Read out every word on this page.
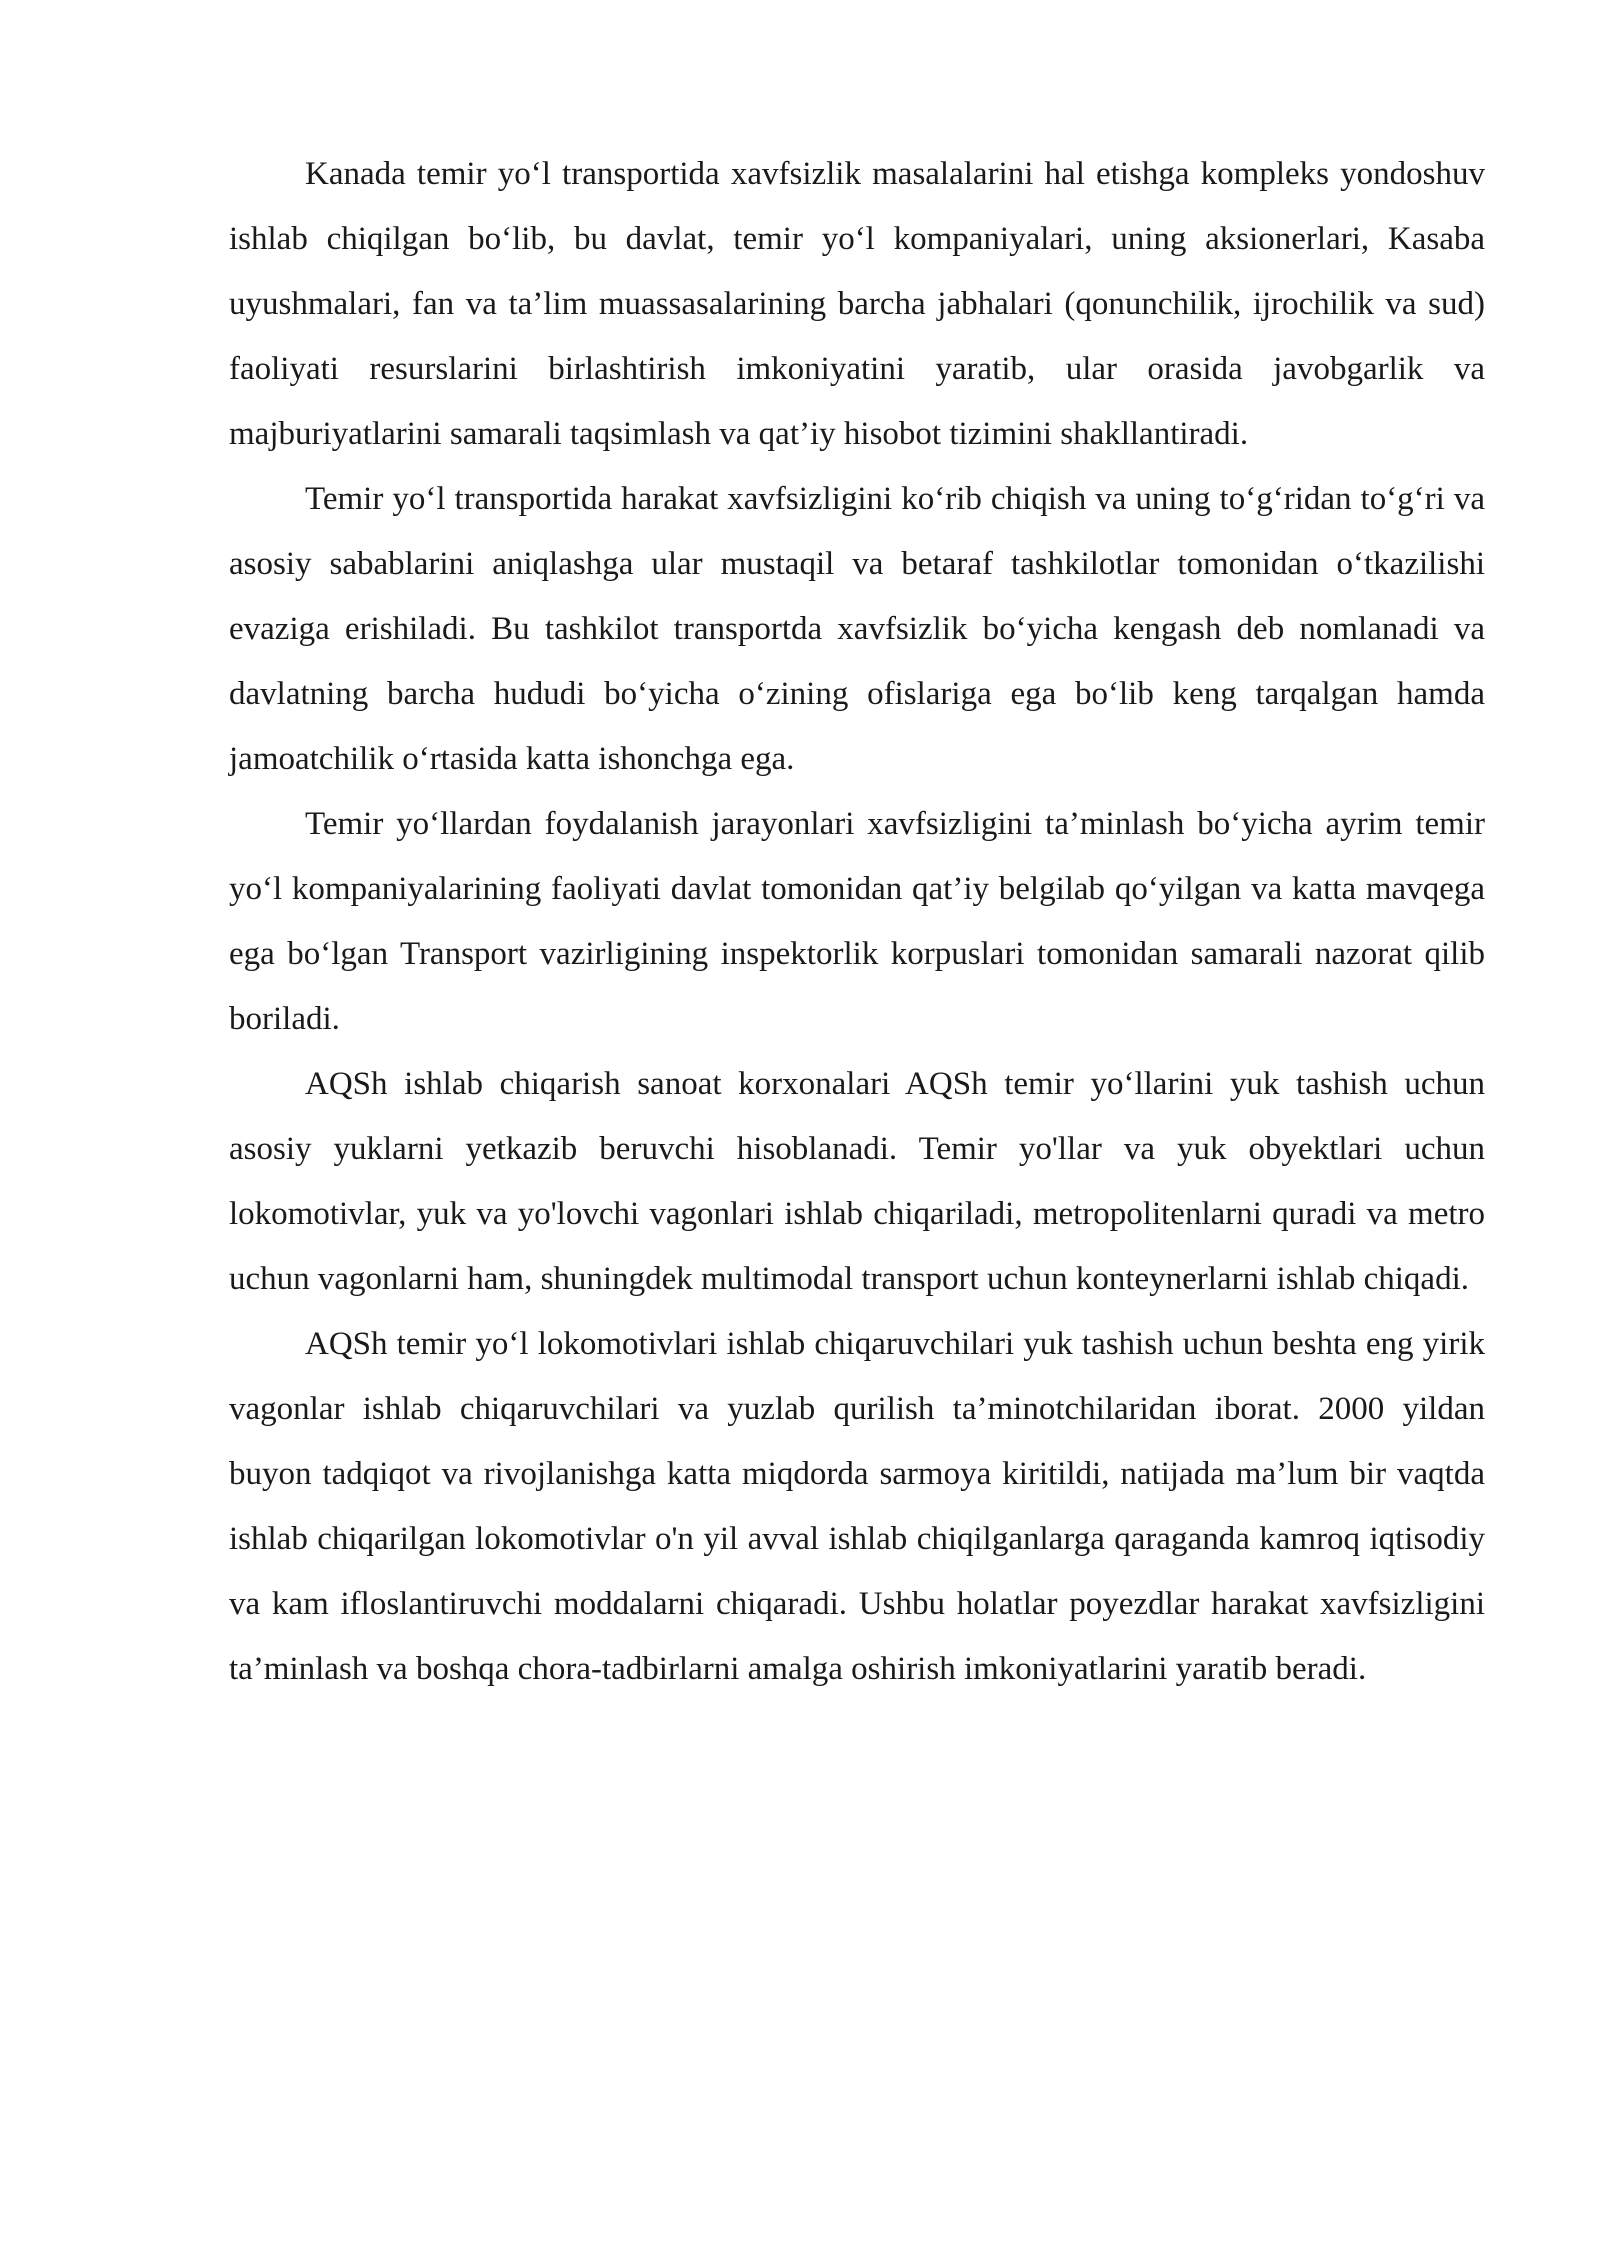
Kanada temir yo‘l transportida xavfsizlik masalalarini hal etishga kompleks yondoshuv ishlab chiqilgan bo‘lib, bu davlat, temir yo‘l kompaniyalari, uning aksionerlari, Kasaba uyushmalari, fan va ta’lim muassasalarining barcha jabhalari (qonunchilik, ijrochilik va sud) faoliyati resurslarini birlashtirish imkoniyatini yaratib, ular orasida javobgarlik va majburiyatlarini samarali taqsimlash va qat’iy hisobot tizimini shakllantiradi.

Temir yo‘l transportida harakat xavfsizligini ko‘rib chiqish va uning to‘g‘ridan to‘g‘ri va asosiy sabablarini aniqlashga ular mustaqil va betaraf tashkilotlar tomonidan o‘tkazilishi evaziga erishiladi. Bu tashkilot transportda xavfsizlik bo‘yicha kengash deb nomlanadi va davlatning barcha hududi bo‘yicha o‘zining ofislariga ega bo‘lib keng tarqalgan hamda jamoatchilik o‘rtasida katta ishonchga ega.

Temir yo‘llardan foydalanish jarayonlari xavfsizligini ta’minlash bo‘yicha ayrim temir yo‘l kompaniyalarining faoliyati davlat tomonidan qat’iy belgilab qo‘yilgan va katta mavqega ega bo‘lgan Transport vazirligining inspektorlik korpuslari tomonidan samarali nazorat qilib boriladi.

AQSh ishlab chiqarish sanoat korxonalari AQSh temir yo‘llarini yuk tashish uchun asosiy yuklarni yetkazib beruvchi hisoblanadi. Temir yo'llar va yuk obyektlari uchun lokomotivlar, yuk va yo'lovchi vagonlari ishlab chiqariladi, metropolitenlarni quradi va metro uchun vagonlarni ham, shuningdek multimodal transport uchun konteynerlarni ishlab chiqadi.

AQSh temir yo‘l lokomotivlari ishlab chiqaruvchilari yuk tashish uchun beshta eng yirik vagonlar ishlab chiqaruvchilari va yuzlab qurilish ta’minotchilaridan iborat. 2000 yildan buyon tadqiqot va rivojlanishga katta miqdorda sarmoya kiritildi, natijada ma’lum bir vaqtda ishlab chiqarilgan lokomotivlar o'n yil avval ishlab chiqilganlarga qaraganda kamroq iqtisodiy va kam ifloslantiruvchi moddalarni chiqaradi. Ushbu holatlar poyezdlar harakat xavfsizligini ta’minlash va boshqa chora-tadbirlarni amalga oshirish imkoniyatlarini yaratib beradi.
